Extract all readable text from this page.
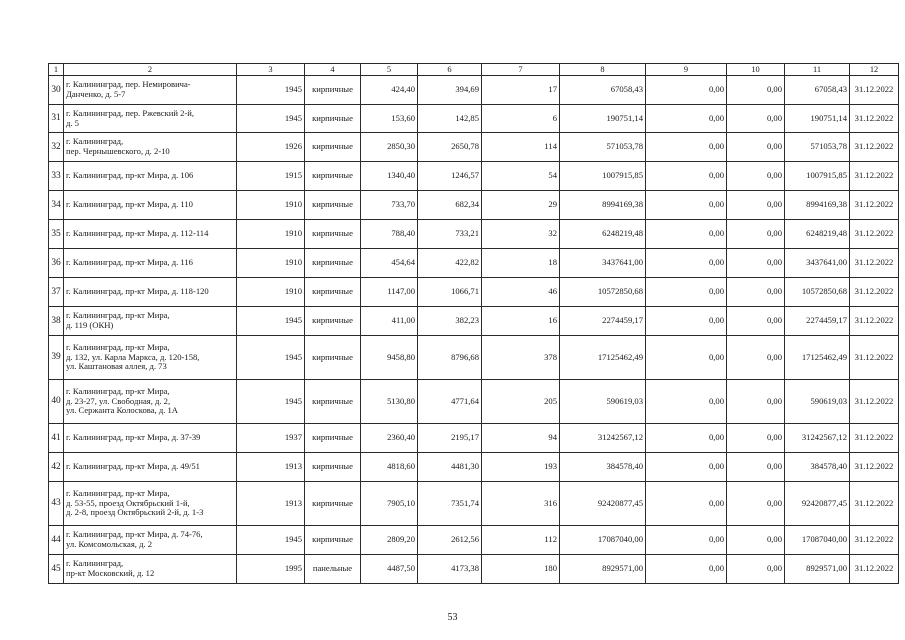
1	2	3	4	5	6	7	8	9	10	11	12
30	г. Калининград, пер. Немировича-
Данченко, д. 5-7	1945	кирпичные	424,40	394,69	17	67058,43	0,00	0,00	67058,43	31.12.2022
31	г. Калининград, пер. Ржевский 2-й,
д. 5	1945	кирпичные	153,60	142,85	6	190751,14	0,00	0,00	190751,14	31.12.2022
32	г. Калининград,
пер. Чернышевского, д. 2-10	1926	кирпичные	2850,30	2650,78	114	571053,78	0,00	0,00	571053,78	31.12.2022
33	г. Калининград, пр-кт Мира, д. 106	1915	кирпичные	1340,40	1246,57	54	1007915,85	0,00	0,00	1007915,85	31.12.2022
34	г. Калининград, пр-кт Мира, д. 110	1910	кирпичные	733,70	682,34	29	8994169,38	0,00	0,00	8994169,38	31.12.2022
35	г. Калининград, пр-кт Мира, д. 112-114	1910	кирпичные	788,40	733,21	32	6248219,48	0,00	0,00	6248219,48	31.12.2022
36	г. Калининград, пр-кт Мира, д. 116	1910	кирпичные	454,64	422,82	18	3437641,00	0,00	0,00	3437641,00	31.12.2022
37	г. Калининград, пр-кт Мира, д. 118-120	1910	кирпичные	1147,00	1066,71	46	10572850,68	0,00	0,00	10572850,68	31.12.2022
38	г. Калининград, пр-кт Мира,
д. 119 (ОКН)	1945	кирпичные	411,00	382,23	16	2274459,17	0,00	0,00	2274459,17	31.12.2022
39	г. Калининград, пр-кт Мира,
д. 132, ул. Карла Маркса, д. 120-158,
ул. Каштановая аллея, д. 73	1945	кирпичные	9458,80	8796,68	378	17125462,49	0,00	0,00	17125462,49	31.12.2022
40	г. Калининград, пр-кт Мира,
д. 23-27, ул. Свободная, д. 2,
ул. Сержанта Колоскова, д. 1А	1945	кирпичные	5130,80	4771,64	205	590619,03	0,00	0,00	590619,03	31.12.2022
41	г. Калининград, пр-кт Мира, д. 37-39	1937	кирпичные	2360,40	2195,17	94	31242567,12	0,00	0,00	31242567,12	31.12.2022
42	г. Калининград, пр-кт Мира, д. 49/51	1913	кирпичные	4818,60	4481,30	193	384578,40	0,00	0,00	384578,40	31.12.2022
43	г. Калининград, пр-кт Мира,
д. 53-55, проезд Октябрьский 1-й,
д. 2-8, проезд Октябрьский 2-й, д. 1-3	1913	кирпичные	7905,10	7351,74	316	92420877,45	0,00	0,00	92420877,45	31.12.2022
44	г. Калининград, пр-кт Мира, д. 74-76,
ул. Комсомольская, д. 2	1945	кирпичные	2809,20	2612,56	112	17087040,00	0,00	0,00	17087040,00	31.12.2022
45	г. Калининград,
пр-кт Московский, д. 12	1995	панельные	4487,50	4173,38	180	8929571,00	0,00	0,00	8929571,00	31.12.2022
53
